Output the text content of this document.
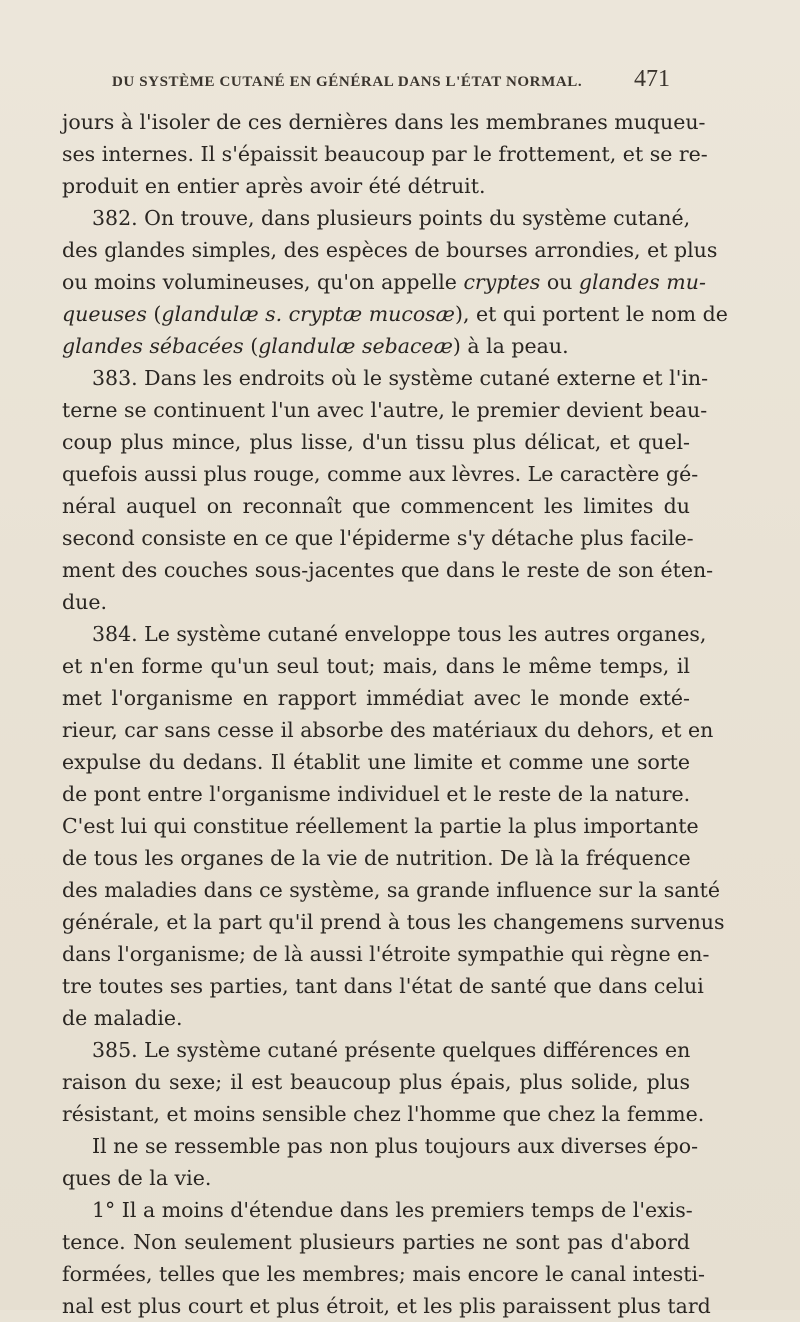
DU SYSTÈME CUTANÉ EN GÉNÉRAL DANS L'ÉTAT NORMAL.	471
jours à l'isoler de ces dernières dans les membranes muqueu-
ses internes. Il s'épaissit beaucoup par le frottement, et se re-
produit en entier après avoir été détruit.
382. On trouve, dans plusieurs points du système cutané,
des glandes simples, des espèces de bourses arrondies, et plus
ou moins volumineuses, qu'on appelle cryptes ou glandes mu-
queuses (glandulæ s. cryptæ mucosæ), et qui portent le nom de
glandes sébacées (glandulæ sebaceæ) à la peau.
383. Dans les endroits où le système cutané externe et l'in-
terne se continuent l'un avec l'autre, le premier devient beau-
coup plus mince, plus lisse, d'un tissu plus délicat, et quel-
quefois aussi plus rouge, comme aux lèvres. Le caractère gé-
néral auquel on reconnaît que commencent les limites du
second consiste en ce que l'épiderme s'y détache plus facile-
ment des couches sous-jacentes que dans le reste de son éten-
due.
384. Le système cutané enveloppe tous les autres organes,
et n'en forme qu'un seul tout; mais, dans le même temps, il
met l'organisme en rapport immédiat avec le monde exté-
rieur, car sans cesse il absorbe des matériaux du dehors, et en
expulse du dedans. Il établit une limite et comme une sorte
de pont entre l'organisme individuel et le reste de la nature.
C'est lui qui constitue réellement la partie la plus importante
de tous les organes de la vie de nutrition. De là la fréquence
des maladies dans ce système, sa grande influence sur la santé
générale, et la part qu'il prend à tous les changemens survenus
dans l'organisme; de là aussi l'étroite sympathie qui règne en-
tre toutes ses parties, tant dans l'état de santé que dans celui
de maladie.
385. Le système cutané présente quelques différences en
raison du sexe; il est beaucoup plus épais, plus solide, plus
résistant, et moins sensible chez l'homme que chez la femme.
Il ne se ressemble pas non plus toujours aux diverses épo-
ques de la vie.
1° Il a moins d'étendue dans les premiers temps de l'exis-
tence. Non seulement plusieurs parties ne sont pas d'abord
formées, telles que les membres; mais encore le canal intesti-
nal est plus court et plus étroit, et les plis paraissent plus tard
